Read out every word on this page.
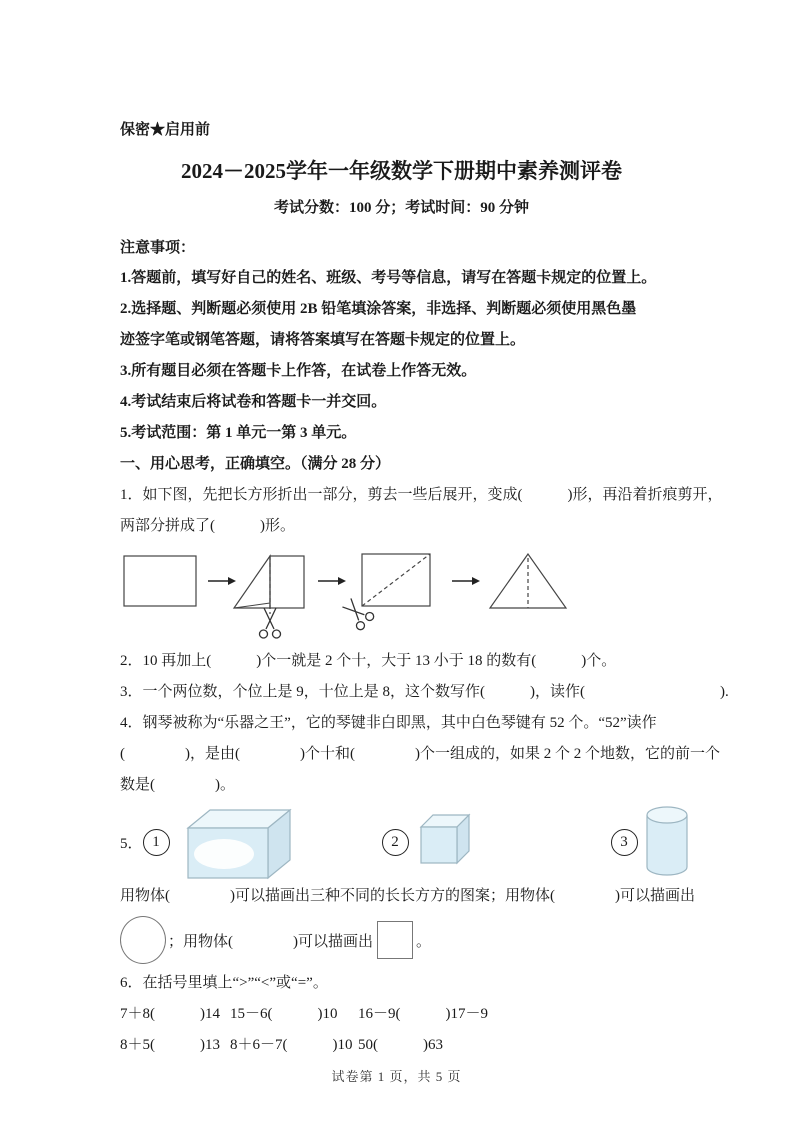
保密★启用前
2024－2025学年一年级数学下册期中素养测评卷
考试分数：100 分；考试时间：90 分钟
注意事项：
1.答题前，填写好自己的姓名、班级、考号等信息，请写在答题卡规定的位置上。
2.选择题、判断题必须使用 2B 铅笔填涂答案，非选择、判断题必须使用黑色墨
迹签字笔或钢笔答题，请将答案填写在答题卡规定的位置上。
3.所有题目必须在答题卡上作答，在试卷上作答无效。
4.考试结束后将试卷和答题卡一并交回。
5.考试范围：第 1 单元一第 3 单元。
一、用心思考，正确填空。（满分 28 分）
1．如下图，先把长方形折出一部分，剪去一些后展开，变成(　　　)形，再沿着折痕剪开，
两部分拼成了(　　　)形。
2．10 再加上(　　　)个一就是 2 个十，大于 13 小于 18 的数有(　　　)个。
3．一个两位数，个位上是 9，十位上是 8，这个数写作(　　　)，读作(　　　　　　　　　).
4．钢琴被称为“乐器之王”，它的琴键非白即黑，其中白色琴键有 52 个。“52”读作
(　　　　)，是由(　　　　)个十和(　　　　)个一组成的，如果 2 个 2 个地数，它的前一个
数是(　　　　)。
5． 1	2	3
用物体(　　　　)可以描画出三种不同的长长方方的图案；用物体(　　　　)可以描画出
；用物体(　　　　)可以描画出	。
6．在括号里填上“>”“<”或“=”。
7＋8(　　　)14 15－6(　　　)10	16－9(　　　)17－9
8＋5(　　　)13 8＋6－7(　　　)10 50(　　　)63
试卷第 1 页，共 5 页
